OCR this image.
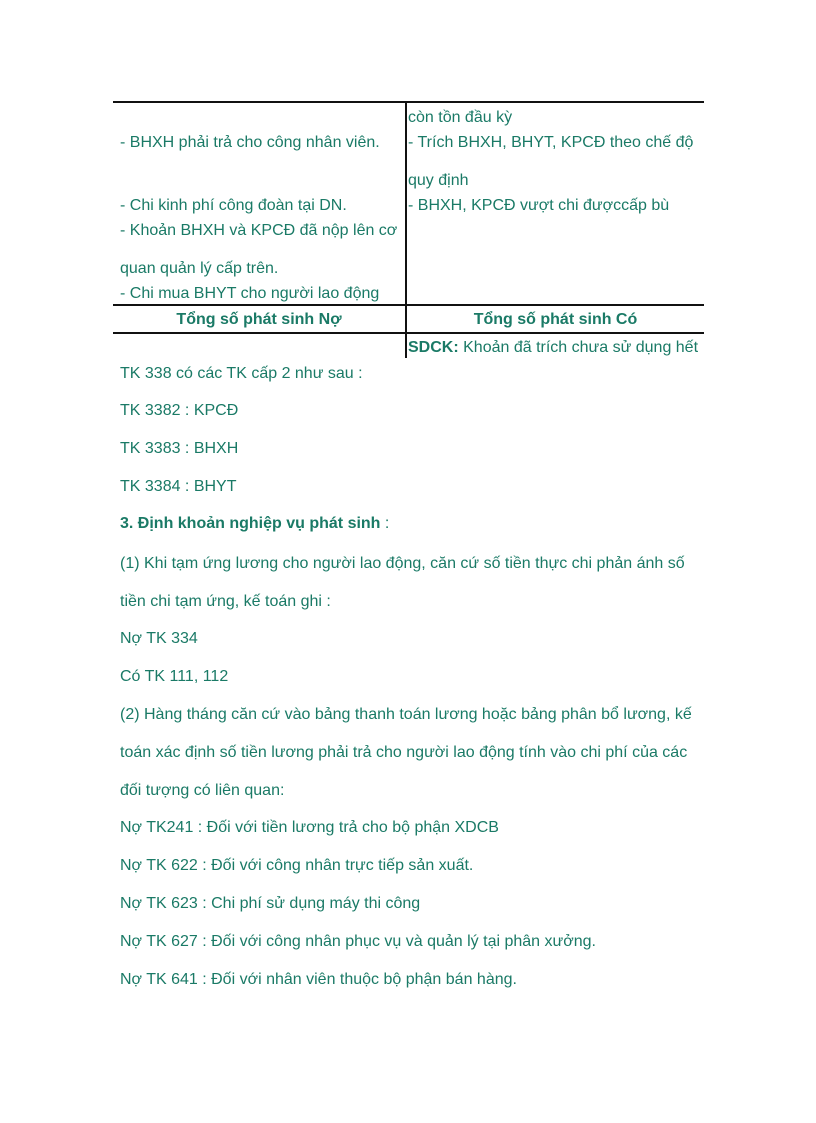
- BHXH phải trả cho công nhân viên.
- Chi kinh phí công đoàn tại DN.
- Khoản BHXH và KPCĐ đã nộp lên cơ
quan quản lý cấp trên.
- Chi mua BHYT cho người lao động
còn tồn đầu kỳ
- Trích BHXH, BHYT, KPCĐ theo chế độ
quy định
- BHXH, KPCĐ vượt chi đượccấp bù
Tổng số phát sinh Nợ	Tổng số phát sinh Có
SDCK: Khoản đã trích chưa sử dụng hết
TK 338 có các TK cấp 2 như sau :
TK 3382 : KPCĐ
TK 3383 : BHXH
TK 3384 : BHYT
3. Định khoản nghiệp vụ phát sinh :
(1) Khi tạm ứng lương cho người lao động, căn cứ số tiền thực chi phản ánh số
tiền chi tạm ứng, kế toán ghi :
Nợ TK 334
Có TK 111, 112
(2) Hàng tháng căn cứ vào bảng thanh toán lương hoặc bảng phân bổ lương, kế
toán xác định số tiền lương phải trả cho người lao động tính vào chi phí của các
đối tượng có liên quan:
Nợ TK241 : Đối với tiền lương trả cho bộ phận XDCB
Nợ TK 622 : Đối với công nhân trực tiếp sản xuất.
Nợ TK 623 : Chi phí sử dụng máy thi công
Nợ TK 627 : Đối với công nhân phục vụ và quản lý tại phân xưởng.
Nợ TK 641 : Đối với nhân viên thuộc bộ phận bán hàng.
